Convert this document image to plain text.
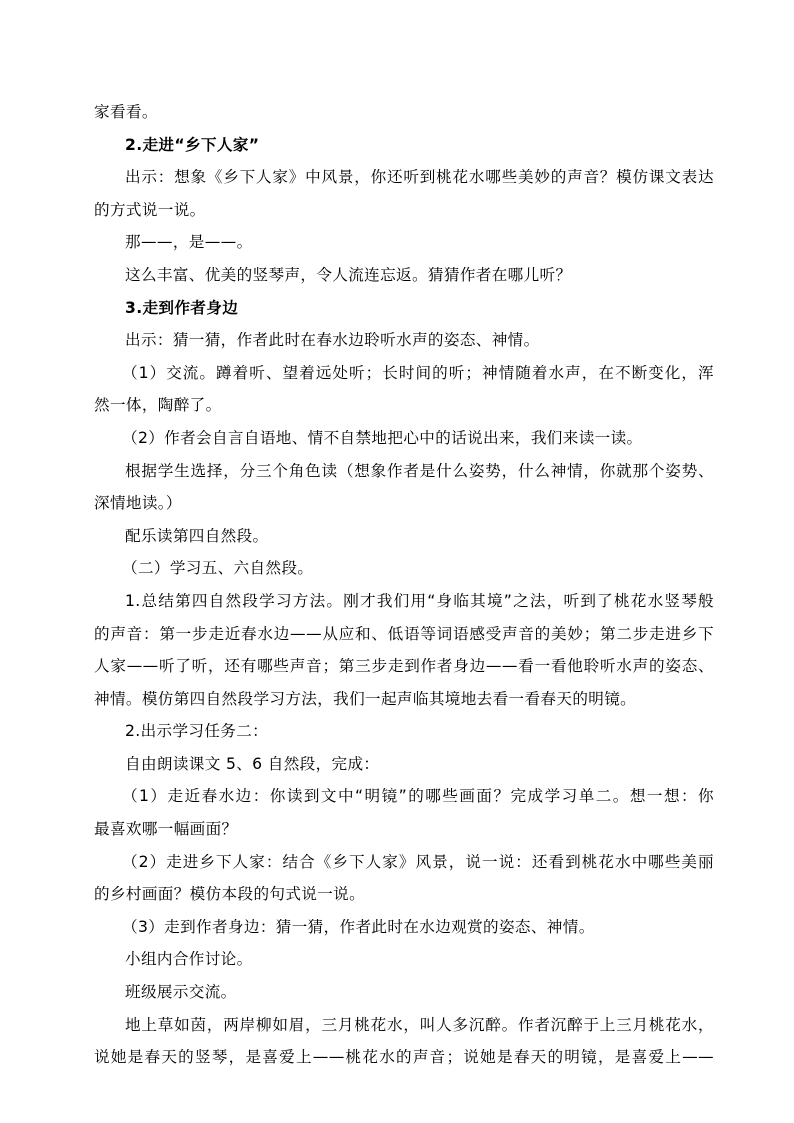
家看看。
2.走进“乡下人家”
出示：想象《乡下人家》中风景，你还听到桃花水哪些美妙的声音？模仿课文表达
的方式说一说。
那——，是——。
这么丰富、优美的竖琴声，令人流连忘返。猜猜作者在哪儿听？
3.走到作者身边
出示：猜一猜，作者此时在春水边聆听水声的姿态、神情。
（1）交流。蹲着听、望着远处听；长时间的听；神情随着水声，在不断变化，浑
然一体，陶醉了。
（2）作者会自言自语地、情不自禁地把心中的话说出来，我们来读一读。
根据学生选择，分三个角色读（想象作者是什么姿势，什么神情，你就那个姿势、
深情地读。）
配乐读第四自然段。
（二）学习五、六自然段。
1.总结第四自然段学习方法。刚才我们用“身临其境”之法，听到了桃花水竖琴般
的声音：第一步走近春水边——从应和、低语等词语感受声音的美妙；第二步走进乡下
人家——听了听，还有哪些声音；第三步走到作者身边——看一看他聆听水声的姿态、
神情。模仿第四自然段学习方法，我们一起声临其境地去看一看春天的明镜。
2.出示学习任务二：
自由朗读课文 5、6 自然段，完成：
（1）走近春水边：你读到文中“明镜”的哪些画面？完成学习单二。想一想：你
最喜欢哪一幅画面？
（2）走进乡下人家：结合《乡下人家》风景，说一说：还看到桃花水中哪些美丽
的乡村画面？模仿本段的句式说一说。
（3）走到作者身边：猜一猜，作者此时在水边观赏的姿态、神情。
小组内合作讨论。
班级展示交流。
地上草如茵，两岸柳如眉，三月桃花水，叫人多沉醉。作者沉醉于上三月桃花水，
说她是春天的竖琴，是喜爱上——桃花水的声音；说她是春天的明镜，是喜爱上——
